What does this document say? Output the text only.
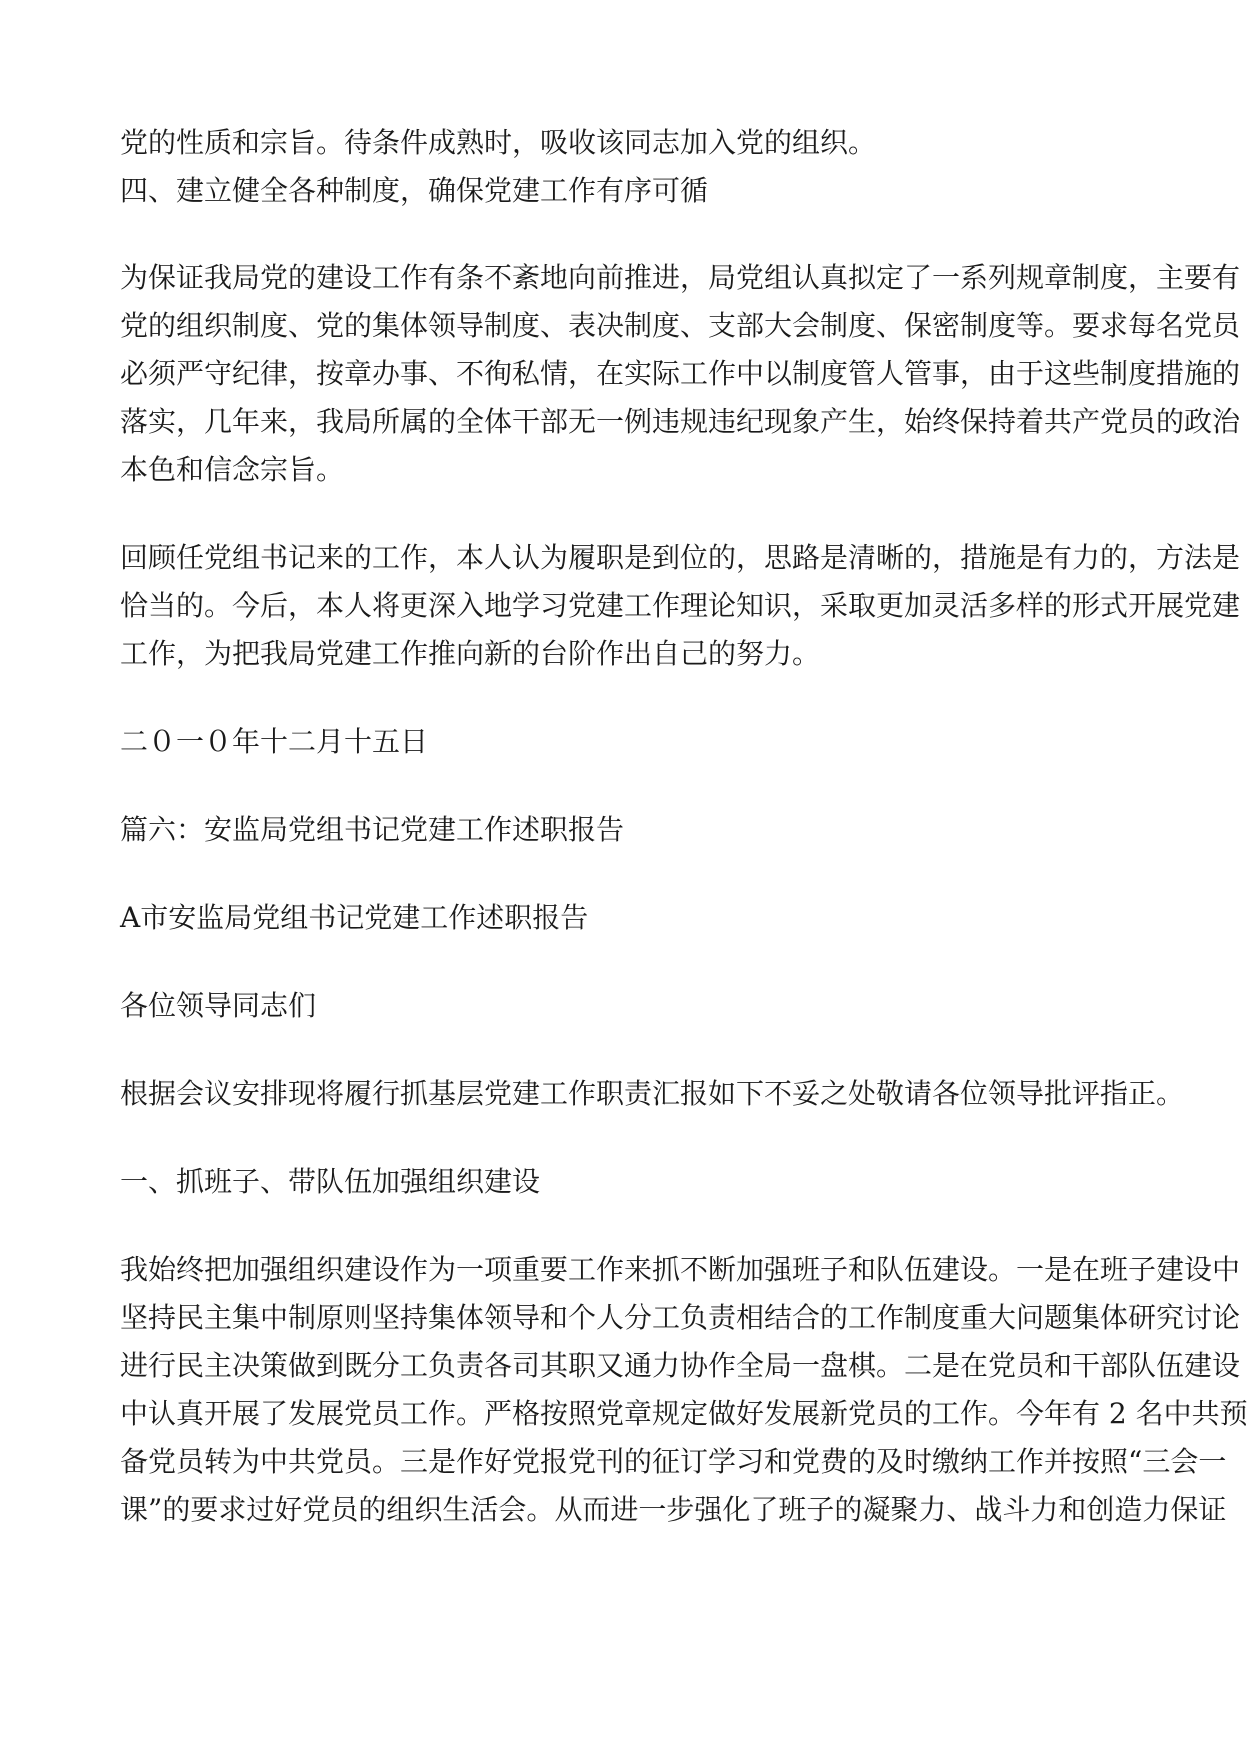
党的性质和宗旨。待条件成熟时，吸收该同志加入党的组织。
四、建立健全各种制度，确保党建工作有序可循
为保证我局党的建设工作有条不紊地向前推进，局党组认真拟定了一系列规章制度，主要有
党的组织制度、党的集体领导制度、表决制度、支部大会制度、保密制度等。要求每名党员
必须严守纪律，按章办事、不徇私情，在实际工作中以制度管人管事，由于这些制度措施的
落实，几年来，我局所属的全体干部无一例违规违纪现象产生，始终保持着共产党员的政治
本色和信念宗旨。
回顾任党组书记来的工作，本人认为履职是到位的，思路是清晰的，措施是有力的，方法是
恰当的。今后，本人将更深入地学习党建工作理论知识，采取更加灵活多样的形式开展党建
工作，为把我局党建工作推向新的台阶作出自己的努力。
二０一０年十二月十五日
篇六：安监局党组书记党建工作述职报告
A市安监局党组书记党建工作述职报告
各位领导同志们
根据会议安排现将履行抓基层党建工作职责汇报如下不妥之处敬请各位领导批评指正。
一、抓班子、带队伍加强组织建设
我始终把加强组织建设作为一项重要工作来抓不断加强班子和队伍建设。一是在班子建设中
坚持民主集中制原则坚持集体领导和个人分工负责相结合的工作制度重大问题集体研究讨论
进行民主决策做到既分工负责各司其职又通力协作全局一盘棋。二是在党员和干部队伍建设
中认真开展了发展党员工作。严格按照党章规定做好发展新党员的工作。今年有 2 名中共预
备党员转为中共党员。三是作好党报党刊的征订学习和党费的及时缴纳工作并按照“三会一
课”的要求过好党员的组织生活会。从而进一步强化了班子的凝聚力、战斗力和创造力保证
